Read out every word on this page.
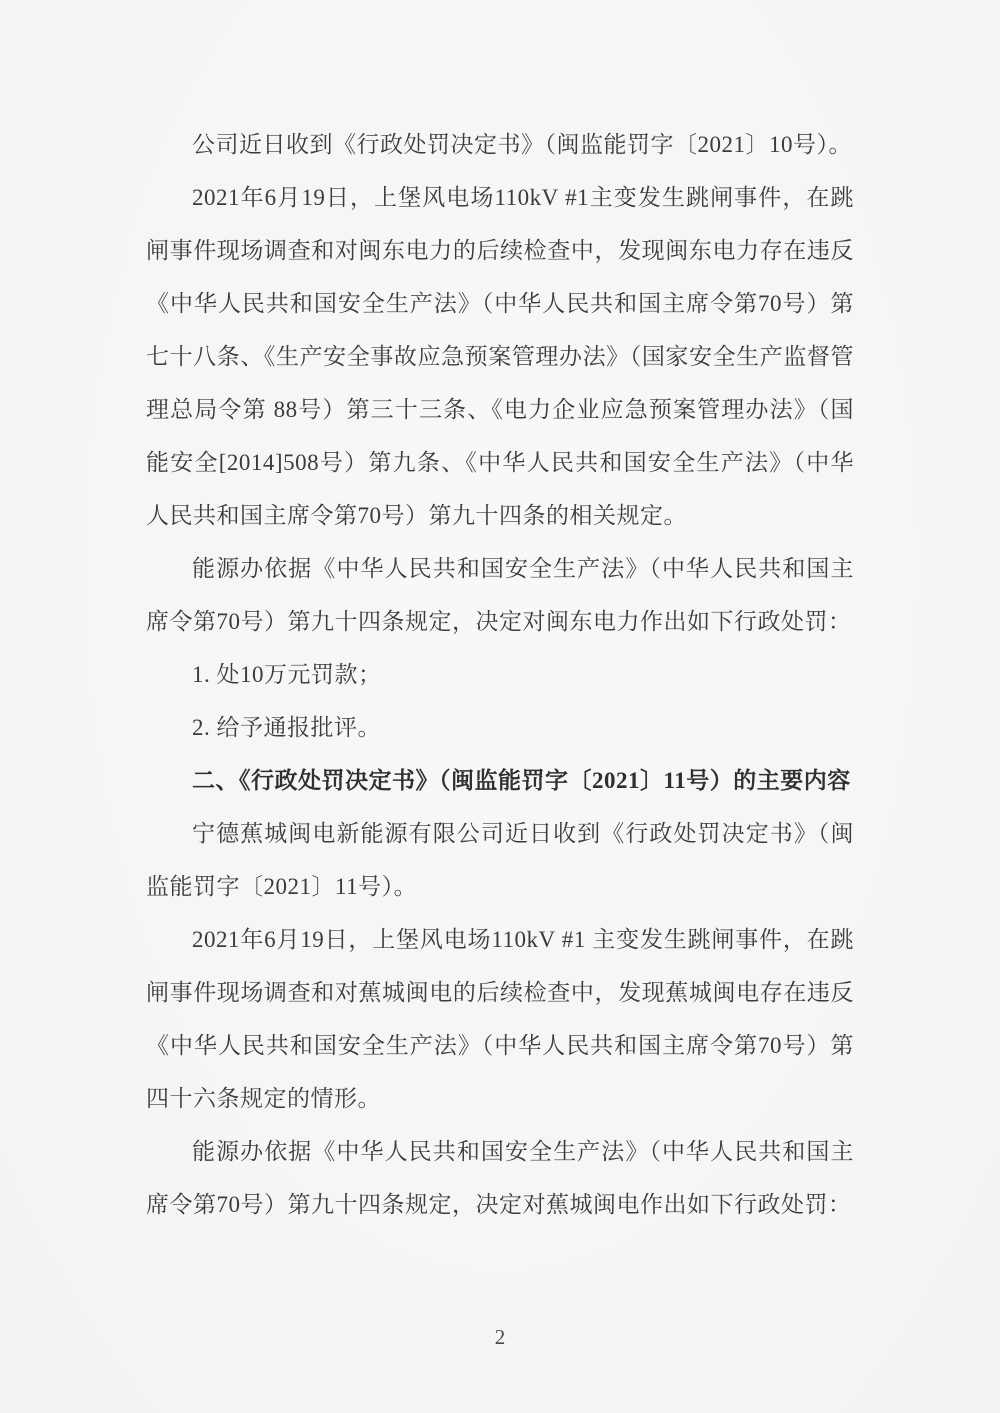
公司近日收到《行政处罚决定书》（闽监能罚字〔2021〕10号）。

2021年6月19日，上堡风电场110kV #1主变发生跳闸事件，在跳闸事件现场调查和对闽东电力的后续检查中，发现闽东电力存在违反《中华人民共和国安全生产法》（中华人民共和国主席令第70号）第七十八条、《生产安全事故应急预案管理办法》（国家安全生产监督管理总局令第 88号）第三十三条、《电力企业应急预案管理办法》（国能安全[2014]508号）第九条、《中华人民共和国安全生产法》（中华人民共和国主席令第70号）第九十四条的相关规定。

能源办依据《中华人民共和国安全生产法》（中华人民共和国主席令第70号）第九十四条规定，决定对闽东电力作出如下行政处罚：

1. 处10万元罚款；

2. 给予通报批评。

二、《行政处罚决定书》（闽监能罚字〔2021〕11号）的主要内容

宁德蕉城闽电新能源有限公司近日收到《行政处罚决定书》（闽监能罚字〔2021〕11号）。

2021年6月19日，上堡风电场110kV #1 主变发生跳闸事件，在跳闸事件现场调查和对蕉城闽电的后续检查中，发现蕉城闽电存在违反《中华人民共和国安全生产法》（中华人民共和国主席令第70号）第四十六条规定的情形。

能源办依据《中华人民共和国安全生产法》（中华人民共和国主席令第70号）第九十四条规定，决定对蕉城闽电作出如下行政处罚：

2
